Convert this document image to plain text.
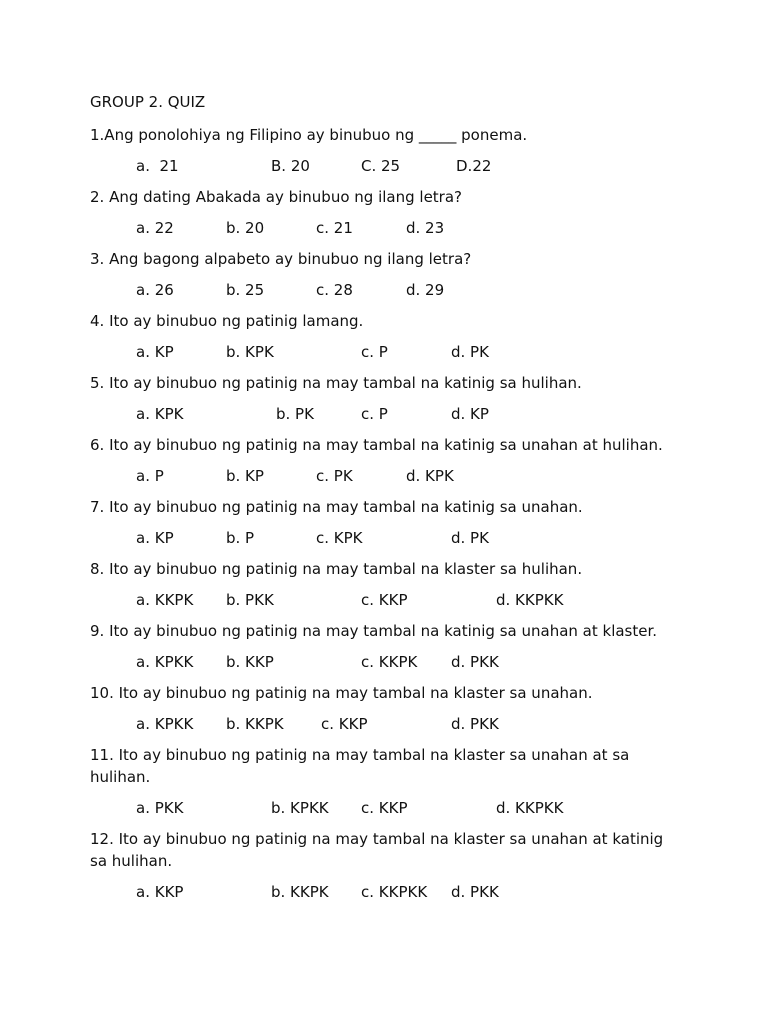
GROUP 2. QUIZ
1.Ang ponolohiya ng Filipino ay binubuo ng _____ ponema.
a.  21	B. 20	C. 25	D.22
2. Ang dating Abakada ay binubuo ng ilang letra?
a. 22	b. 20	c. 21	d. 23
3. Ang bagong alpabeto ay binubuo ng ilang letra?
a. 26	b. 25	c. 28	d. 29
4. Ito ay binubuo ng patinig lamang.
a. KP	b. KPK	c. P	d. PK
5. Ito ay binubuo ng patinig na may tambal na katinig sa hulihan.
a. KPK	b. PK	c. P	d. KP
6. Ito ay binubuo ng patinig na may tambal na katinig sa unahan at hulihan.
a. P	b. KP	c. PK	d. KPK
7. Ito ay binubuo ng patinig na may tambal na katinig sa unahan.
a. KP	b. P	c. KPK	d. PK
8. Ito ay binubuo ng patinig na may tambal na klaster sa hulihan.
a. KKPK b. PKK	c. KKP	d. KKPKK
9. Ito ay binubuo ng patinig na may tambal na katinig sa unahan at klaster.
a. KPKK b. KKP	c. KKPK d. PKK
10. Ito ay binubuo ng patinig na may tambal na klaster sa unahan.
a. KPKK b. KKPK c. KKP	d. PKK
11. Ito ay binubuo ng patinig na may tambal na klaster sa unahan at sa hulihan.
a. PKK	b. KPKK c. KKP	d. KKPKK
12. Ito ay binubuo ng patinig na may tambal na klaster sa unahan at katinig sa hulihan.
a. KKP	b. KKPK c. KKPKK d. PKK
